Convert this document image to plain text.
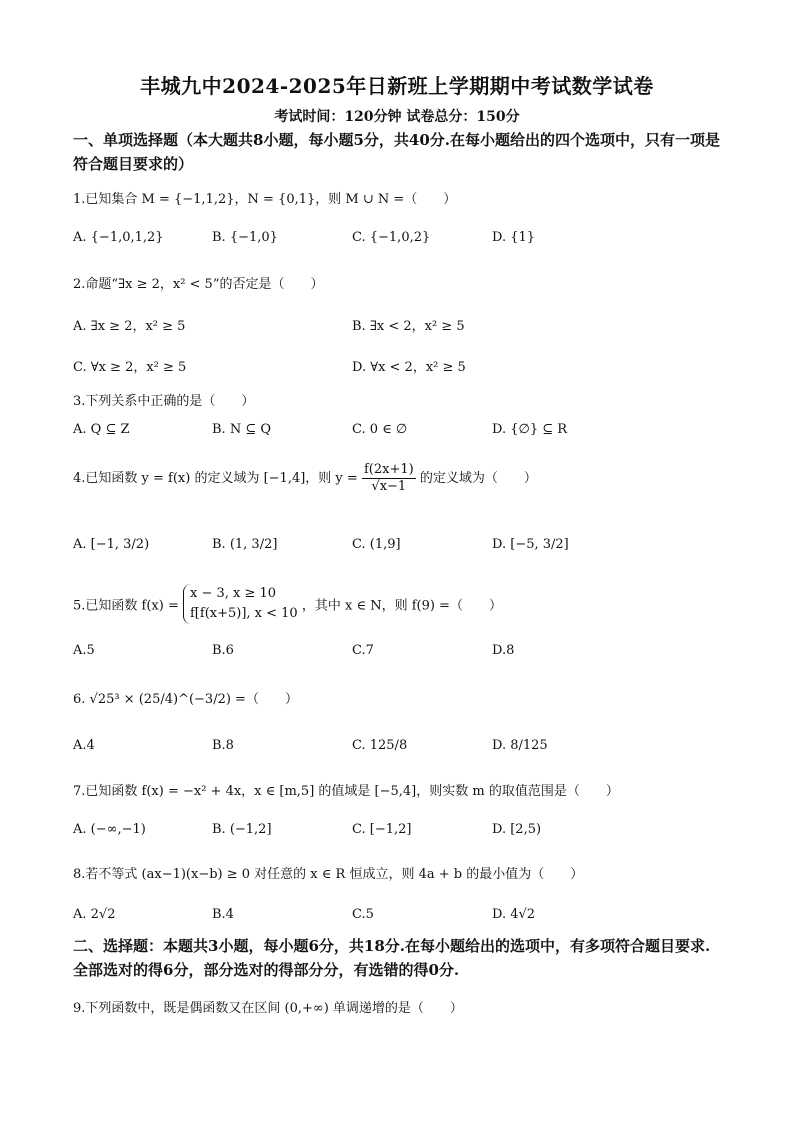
丰城九中2024-2025年日新班上学期期中考试数学试卷
考试时间：120分钟 试卷总分：150分
一、单项选择题（本大题共8小题，每小题5分，共40分.在每小题给出的四个选项中，只有一项是符合题目要求的）
1.已知集合 M = {−1,1,2}，N = {0,1}，则 M ∪ N =（　　）
A. {−1,0,1,2}	B. {−1,0}	C. {−1,0,2}	D. {1}
2.命题“∃x ≥ 2，x² < 5”的否定是（　　）
A. ∃x ≥ 2，x² ≥ 5	B. ∃x < 2，x² ≥ 5
C. ∀x ≥ 2，x² ≥ 5	D. ∀x < 2，x² ≥ 5
3.下列关系中正确的是（　　）
A. Q ⊆ Z	B. N ⊆ Q	C. 0 ∈ ∅	D. {∅} ⊆ R
4.已知函数 y = f(x) 的定义域为 [−1,4]，则 $y = \frac{f(2x+1)}{√x-1}$ 的定义域为（　　）
A. [−1, 3/2)	B. (1, 3/2]	C. (1,9]	D. [−5, 3/2]
5.已知函数 f(x) =
x − 3, x ≥ 10
f[f(x+5)], x < 10 ，其中 x ∈ N，则 f(9) =（　　）
A.5	B.6	C.7	D.8
6. √25³ × (25/4)^(−3/2) =（　　）
A.4	B.8	C. 125/8	D. 8/125
7.已知函数 f(x) = −x² + 4x，x ∈ [m,5] 的值域是 [−5,4]，则实数 m 的取值范围是（　　）
A. (−∞,−1)	B. (−1,2]	C. [−1,2]	D. [2,5)
8.若不等式 (ax−1)(x−b) ≥ 0 对任意的 x ∈ R 恒成立，则 4a + b 的最小值为（　　）
A. 2√2	B.4	C.5	D. 4√2
二、选择题：本题共3小题，每小题6分，共18分.在每小题给出的选项中，有多项符合题目要求.全部选对的得6分，部分选对的得部分分，有选错的得0分.
9.下列函数中，既是偶函数又在区间 (0,+∞) 单调递增的是（　　）
